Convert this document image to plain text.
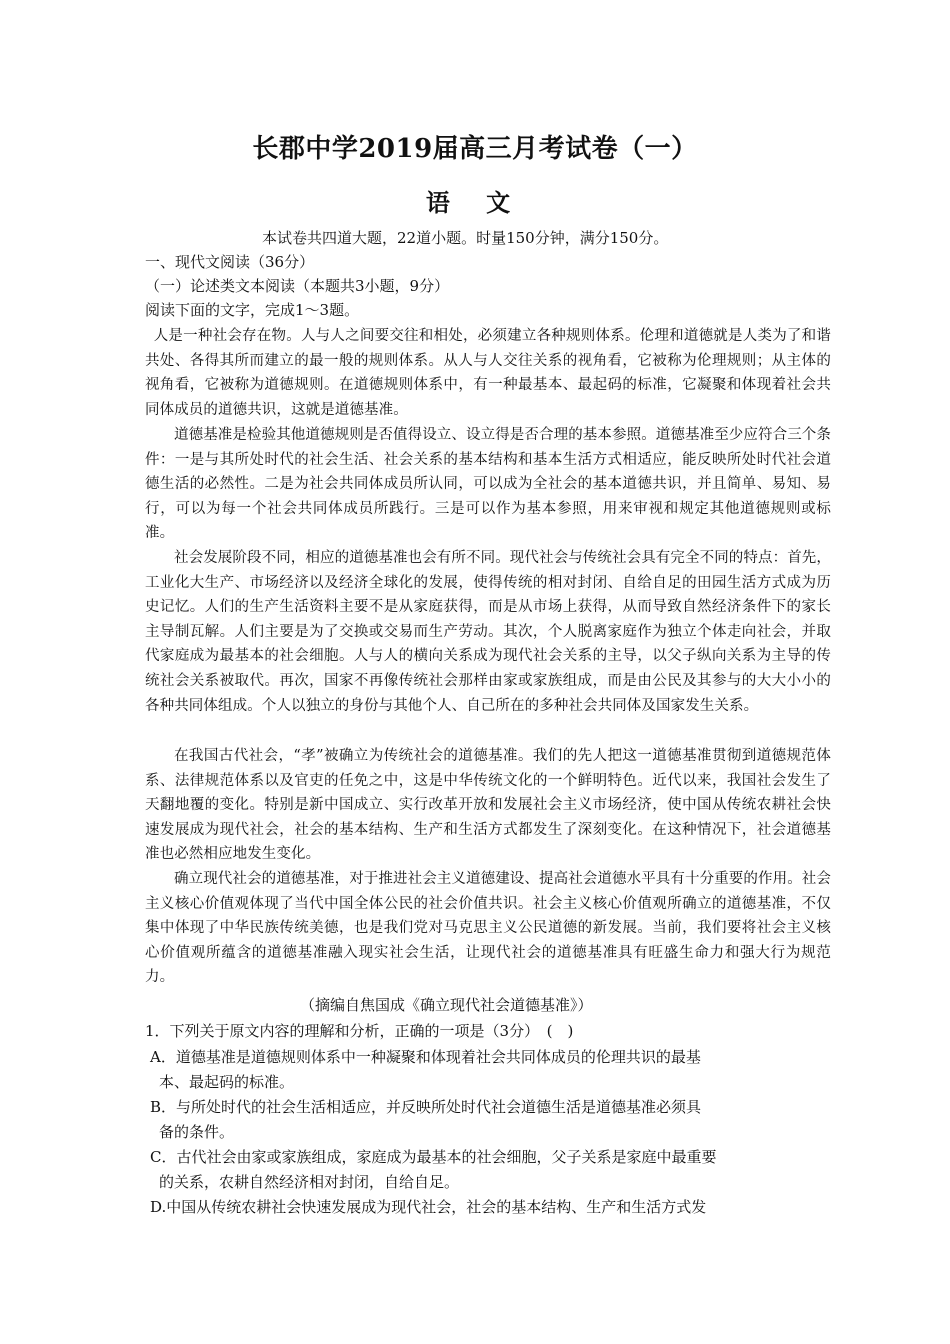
长郡中学2019届高三月考试卷（一）
语 文
本试卷共四道大题，22道小题。时量150分钟，满分150分。
一、现代文阅读（36分）
（一）论述类文本阅读（本题共3小题，9分）
阅读下面的文字，完成1～3题。

人是一种社会存在物。人与人之间要交往和相处，必须建立各种规则体系。伦理和道德就是人类为了和谐共处、各得其所而建立的最一般的规则体系。从人与人交往关系的视角看，它被称为伦理规则；从主体的视角看，它被称为道德规则。在道德规则体系中，有一种最基本、最起码的标准，它凝聚和体现着社会共同体成员的道德共识，这就是道德基准。

道德基准是检验其他道德规则是否值得设立、设立得是否合理的基本参照。道德基准至少应符合三个条件：一是与其所处时代的社会生活、社会关系的基本结构和基本生活方式相适应，能反映所处时代社会道德生活的必然性。二是为社会共同体成员所认同，可以成为全社会的基本道德共识，并且简单、易知、易行，可以为每一个社会共同体成员所践行。三是可以作为基本参照，用来审视和规定其他道德规则或标准。

社会发展阶段不同，相应的道德基准也会有所不同。现代社会与传统社会具有完全不同的特点：首先，工业化大生产、市场经济以及经济全球化的发展，使得传统的相对封闭、自给自足的田园生活方式成为历史记忆。人们的生产生活资料主要不是从家庭获得，而是从市场上获得，从而导致自然经济条件下的家长主导制瓦解。人们主要是为了交换或交易而生产劳动。其次，个人脱离家庭作为独立个体走向社会，并取代家庭成为最基本的社会细胞。人与人的横向关系成为现代社会关系的主导，以父子纵向关系为主导的传统社会关系被取代。再次，国家不再像传统社会那样由家或家族组成，而是由公民及其参与的大大小小的各种共同体组成。个人以独立的身份与其他个人、自己所在的多种社会共同体及国家发生关系。

在我国古代社会，“孝”被确立为传统社会的道德基准。我们的先人把这一道德基准贯彻到道德规范体系、法律规范体系以及官吏的任免之中，这是中华传统文化的一个鲜明特色。近代以来，我国社会发生了天翻地覆的变化。特别是新中国成立、实行改革开放和发展社会主义市场经济，使中国从传统农耕社会快速发展成为现代社会，社会的基本结构、生产和生活方式都发生了深刻变化。在这种情况下，社会道德基准也必然相应地发生变化。

确立现代社会的道德基准，对于推进社会主义道德建设、提高社会道德水平具有十分重要的作用。社会主义核心价值观体现了当代中国全体公民的社会价值共识。社会主义核心价值观所确立的道德基准，不仅集中体现了中华民族传统美德，也是我们党对马克思主义公民道德的新发展。当前，我们要将社会主义核心价值观所蕴含的道德基准融入现实社会生活，让现代社会的道德基准具有旺盛生命力和强大行为规范力。

（摘编自焦国成《确立现代社会道德基准》）
1．下列关于原文内容的理解和分析，正确的一项是（3分）　(　)
A．道德基准是道德规则体系中一种凝聚和体现着社会共同体成员的伦理共识的最基
本、最起码的标准。
B．与所处时代的社会生活相适应，并反映所处时代社会道德生活是道德基准必须具
备的条件。
C．古代社会由家或家族组成，家庭成为最基本的社会细胞，父子关系是家庭中最重要
的关系，农耕自然经济相对封闭，自给自足。
D.中国从传统农耕社会快速发展成为现代社会，社会的基本结构、生产和生活方式发
